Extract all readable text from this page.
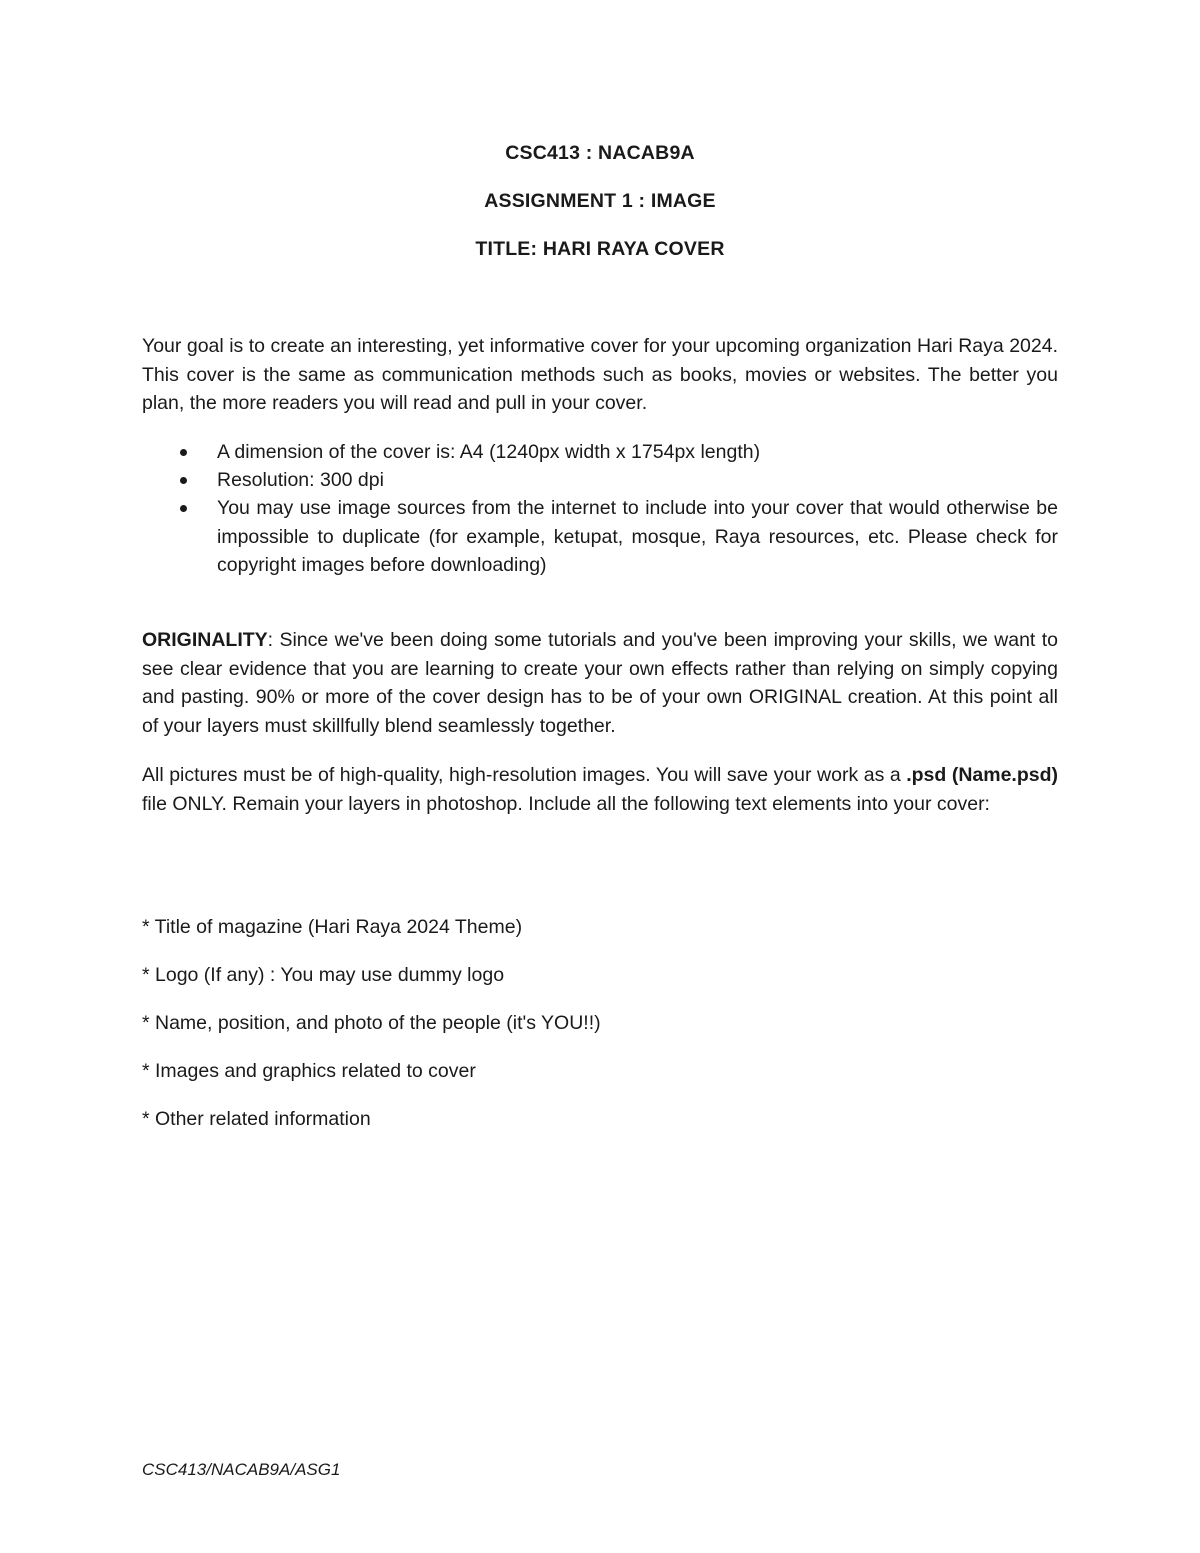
CSC413 : NACAB9A
ASSIGNMENT 1 : IMAGE
TITLE: HARI RAYA COVER

Your goal is to create an interesting, yet informative cover for your upcoming organization Hari Raya 2024. This cover is the same as communication methods such as books, movies or websites. The better you plan, the more readers you will read and pull in your cover.

A dimension of the cover is: A4 (1240px width x 1754px length)
Resolution: 300 dpi
You may use image sources from the internet to include into your cover that would otherwise be impossible to duplicate (for example, ketupat, mosque, Raya resources, etc. Please check for copyright images before downloading)

ORIGINALITY: Since we've been doing some tutorials and you've been improving your skills, we want to see clear evidence that you are learning to create your own effects rather than relying on simply copying and pasting. 90% or more of the cover design has to be of your own ORIGINAL creation. At this point all of your layers must skillfully blend seamlessly together.

All pictures must be of high-quality, high-resolution images. You will save your work as a .psd (Name.psd) file ONLY. Remain your layers in photoshop. Include all the following text elements into your cover:

* Title of magazine (Hari Raya 2024 Theme)
* Logo (If any) : You may use dummy logo
* Name, position, and photo of the people (it's YOU!!)
* Images and graphics related to cover
* Other related information
CSC413/NACAB9A/ASG1
